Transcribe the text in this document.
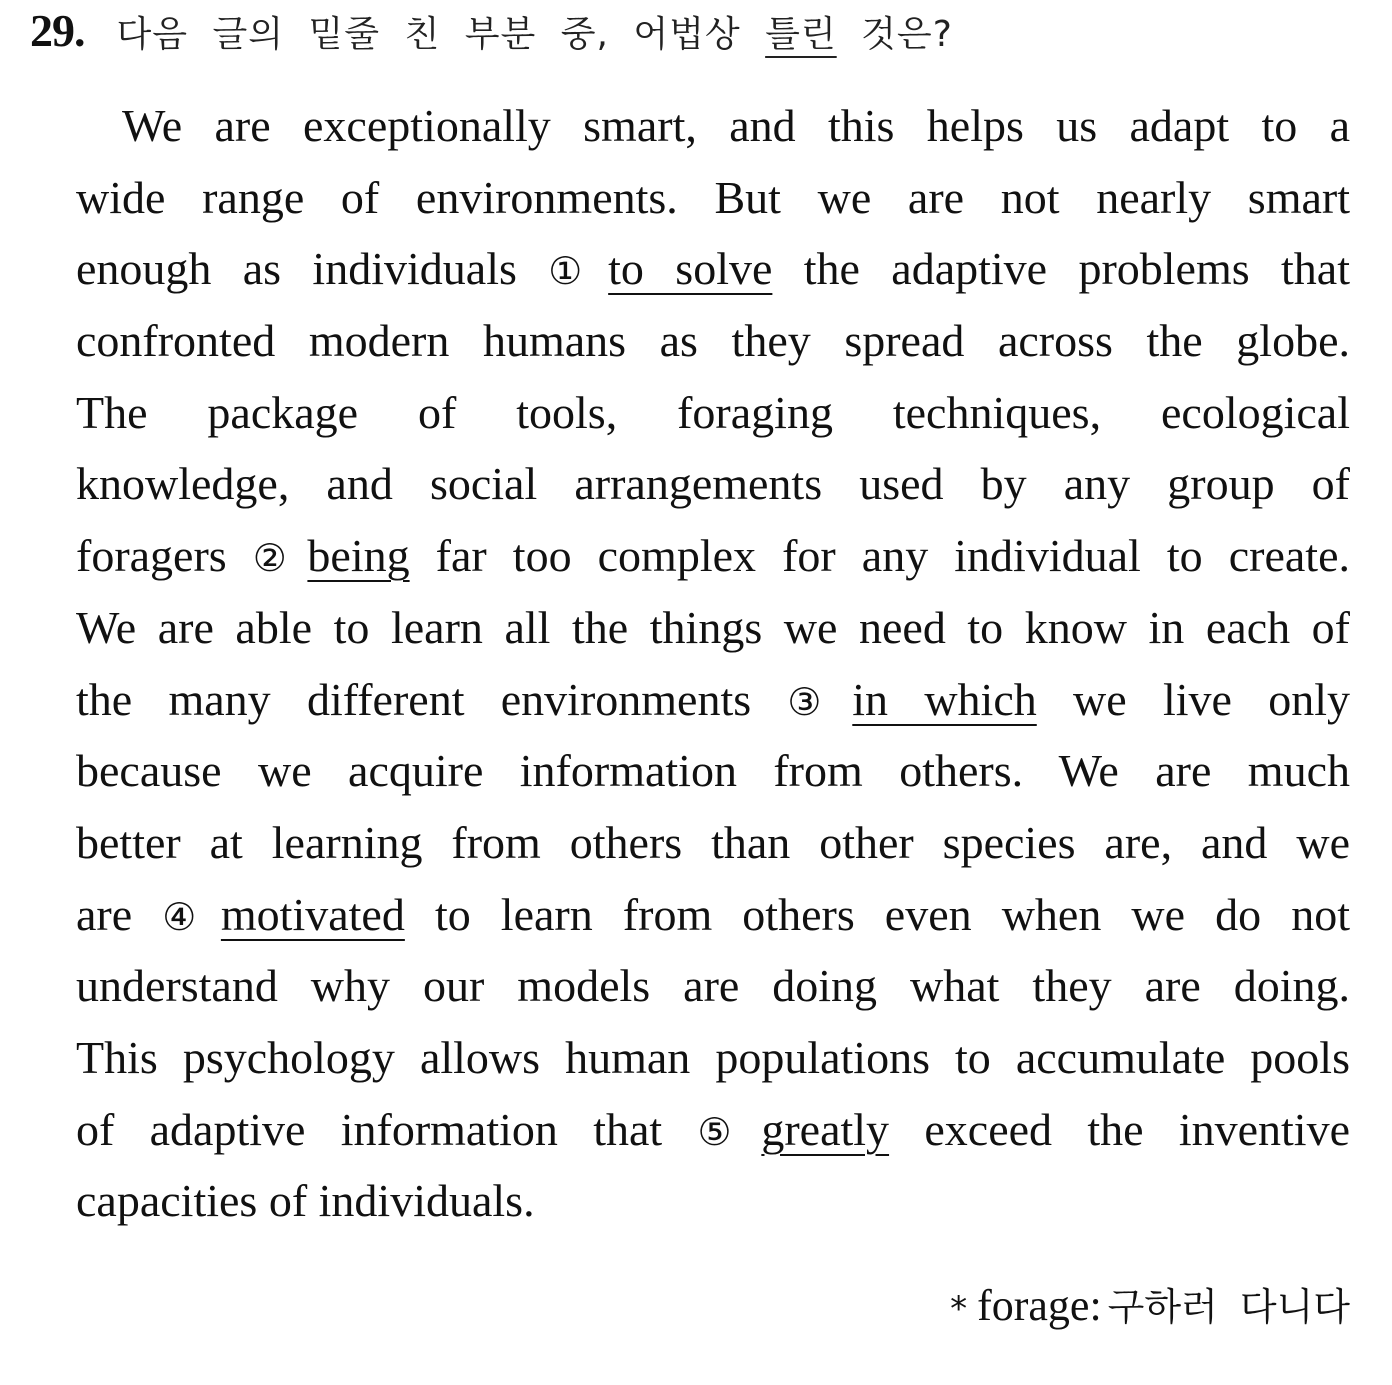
29. 다음 글의 밑줄 친 부분 중, 어법상 틀린 것은?
We are exceptionally smart, and this helps us adapt to a
wide range of environments. But we are not nearly smart
enough as individuals ① to solve the adaptive problems that
confronted modern humans as they spread across the globe.
The package of tools, foraging techniques, ecological
knowledge, and social arrangements used by any group of
foragers ② being far too complex for any individual to create.
We are able to learn all the things we need to know in each of
the many different environments ③ in which we live only
because we acquire information from others. We are much
better at learning from others than other species are, and we
are ④ motivated to learn from others even when we do not
understand why our models are doing what they are doing.
This psychology allows human populations to accumulate pools
of adaptive information that ⑤ greatly exceed the inventive
capacities of individuals.
* forage: 구하러 다니다
